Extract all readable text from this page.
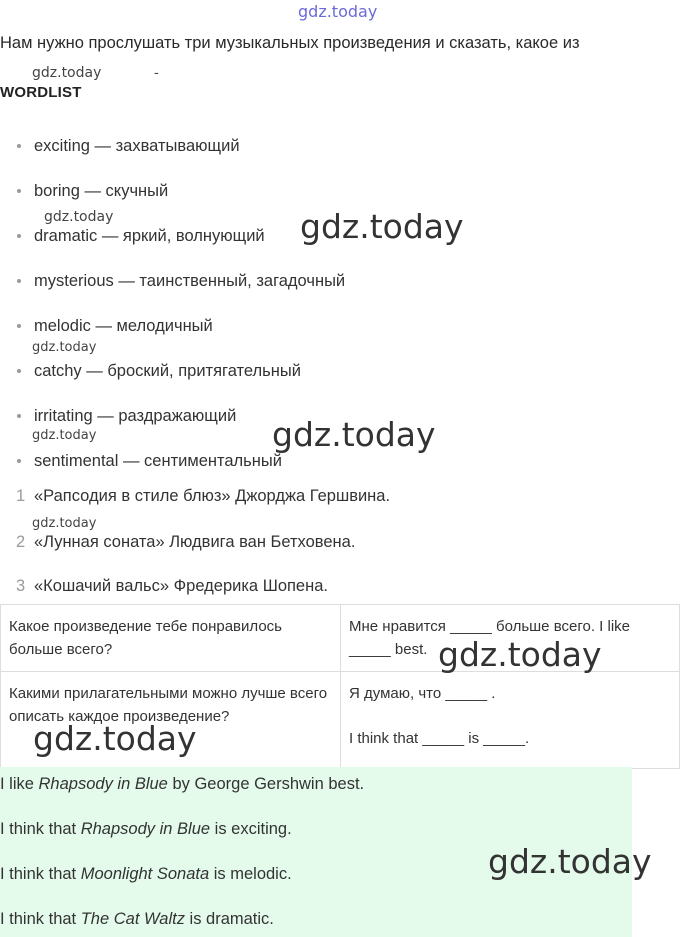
gdz.today
Нам нужно прослушать три музыкальных произведения и сказать, какое из
gdz.today	-
WORDLIST
exciting — захватывающий
boring — скучный
dramatic — яркий, волнующий
mysterious — таинственный, загадочный
melodic — мелодичный
catchy — броский, притягательный
irritating — раздражающий
sentimental — сентиментальный
gdz.today	gdz.today
gdz.today
gdz.today
gdz.today
1 «Рапсодия в стиле блюз» Джорджа Гершвина.
gdz.today
2 «Лунная соната» Людвига ван Бетховена.
3 «Кошачий вальс» Фредерика Шопена.
Какое произведение тебе понравилось больше всего?	Мне нравится _____ больше всего. I like _____ best.
Какими прилагательными можно лучше всего описать каждое произведение?	Я думаю, что _____ .
I think that _____ is _____.
gdz.today
gdz.today
I like Rhapsody in Blue by George Gershwin best.
I think that Rhapsody in Blue is exciting.
I think that Moonlight Sonata is melodic.
I think that The Cat Waltz is dramatic.
gdz.today
